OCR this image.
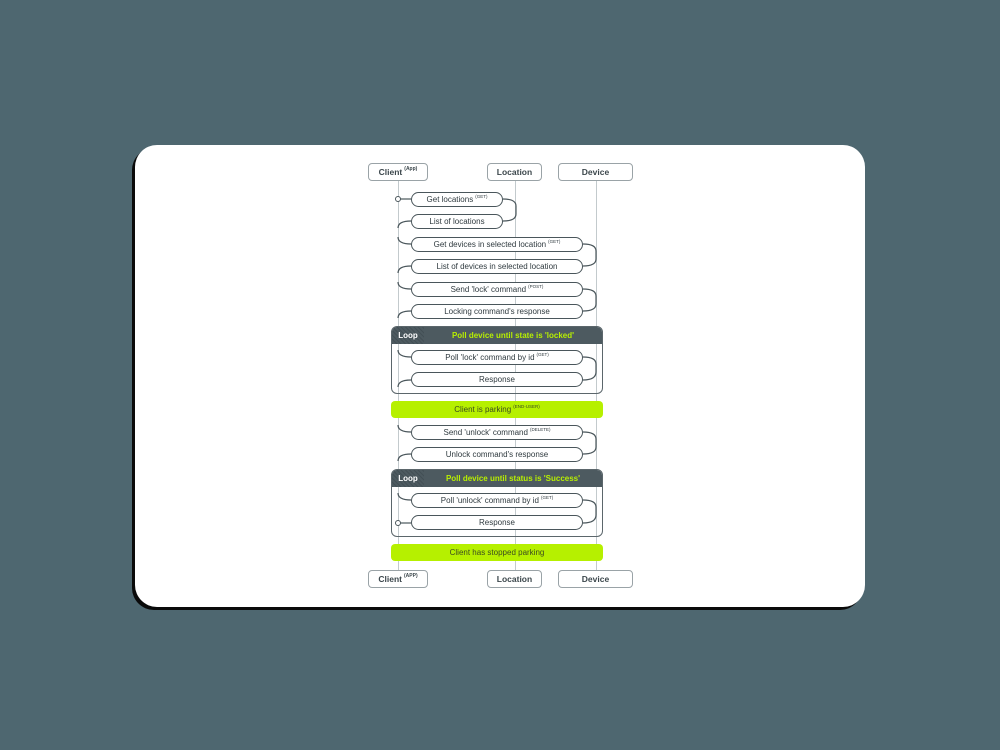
Client $^{(App)}$	Location	Device
Get locations $^{(GET)}$
List of locations
Get devices in selected location $^{(GET)}$
List of devices in selected location
Send 'lock' command $^{(POST)}$
Locking command's response
Loop	Poll device until state is 'locked'
Poll 'lock' command by id $^{(GET)}$
Response
Client is parking $^{(END-USER)}$
Send 'unlock' command $^{(DELETE)}$
Unlock command's response
Loop	Poll device until status is 'Success'
Poll 'unlock' command by id $^{(GET)}$
Response
Client has stopped parking
Client $^{(APP)}$	Location	Device
